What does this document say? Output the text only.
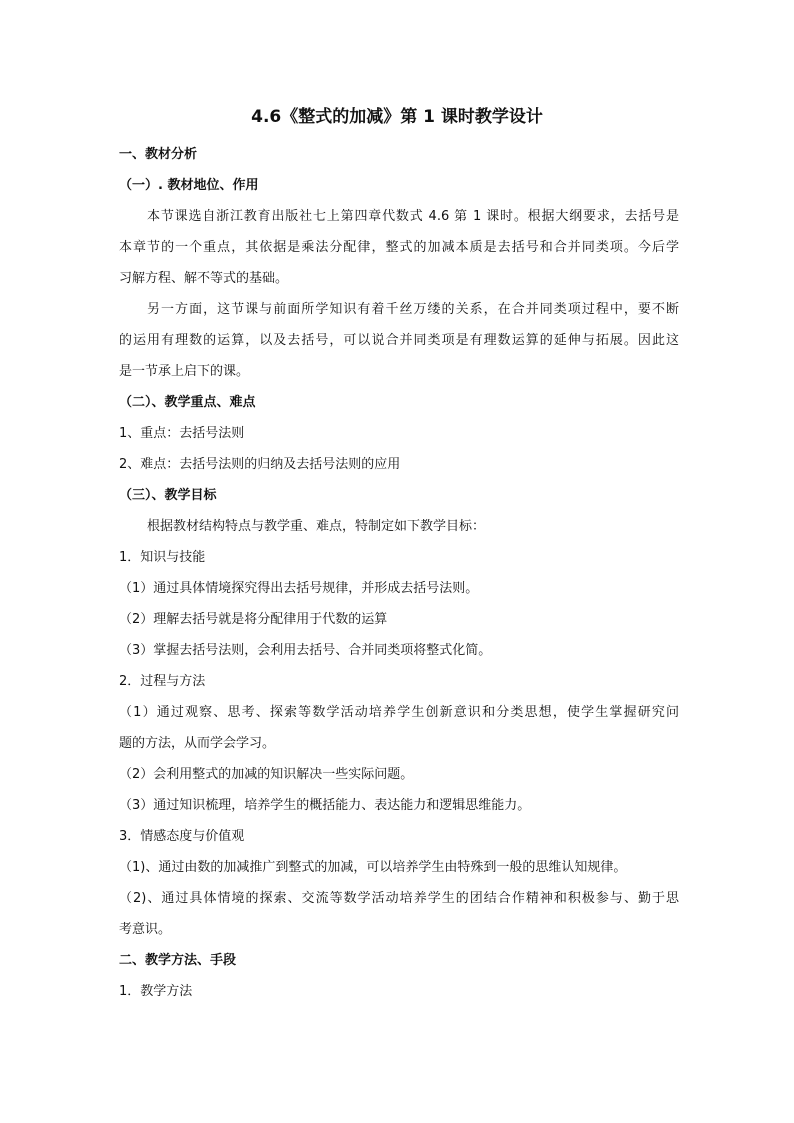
4.6《整式的加减》第 1 课时教学设计
一、教材分析
（一）. 教材地位、作用
本节课选自浙江教育出版社七上第四章代数式 4.6 第 1 课时。根据大纲要求，去括号是
本章节的一个重点，其依据是乘法分配律，整式的加减本质是去括号和合并同类项。今后学
习解方程、解不等式的基础。
另一方面，这节课与前面所学知识有着千丝万缕的关系，在合并同类项过程中，要不断
的运用有理数的运算，以及去括号，可以说合并同类项是有理数运算的延伸与拓展。因此这
是一节承上启下的课。
（二）、教学重点、难点
1、重点：去括号法则
2、难点：去括号法则的归纳及去括号法则的应用
（三）、教学目标
根据教材结构特点与教学重、难点，特制定如下教学目标：
1．知识与技能
（1）通过具体情境探究得出去括号规律，并形成去括号法则。
（2）理解去括号就是将分配律用于代数的运算
（3）掌握去括号法则，会利用去括号、合并同类项将整式化简。
2．过程与方法
（1）通过观察、思考、探索等数学活动培养学生创新意识和分类思想，使学生掌握研究问
题的方法，从而学会学习。
（2）会利用整式的加减的知识解决一些实际问题。
（3）通过知识梳理，培养学生的概括能力、表达能力和逻辑思维能力。
3．情感态度与价值观
（1)、通过由数的加减推广到整式的加减，可以培养学生由特殊到一般的思维认知规律。
（2)、通过具体情境的探索、交流等数学活动培养学生的团结合作精神和积极参与、勤于思
考意识。
二、教学方法、手段
1．教学方法
